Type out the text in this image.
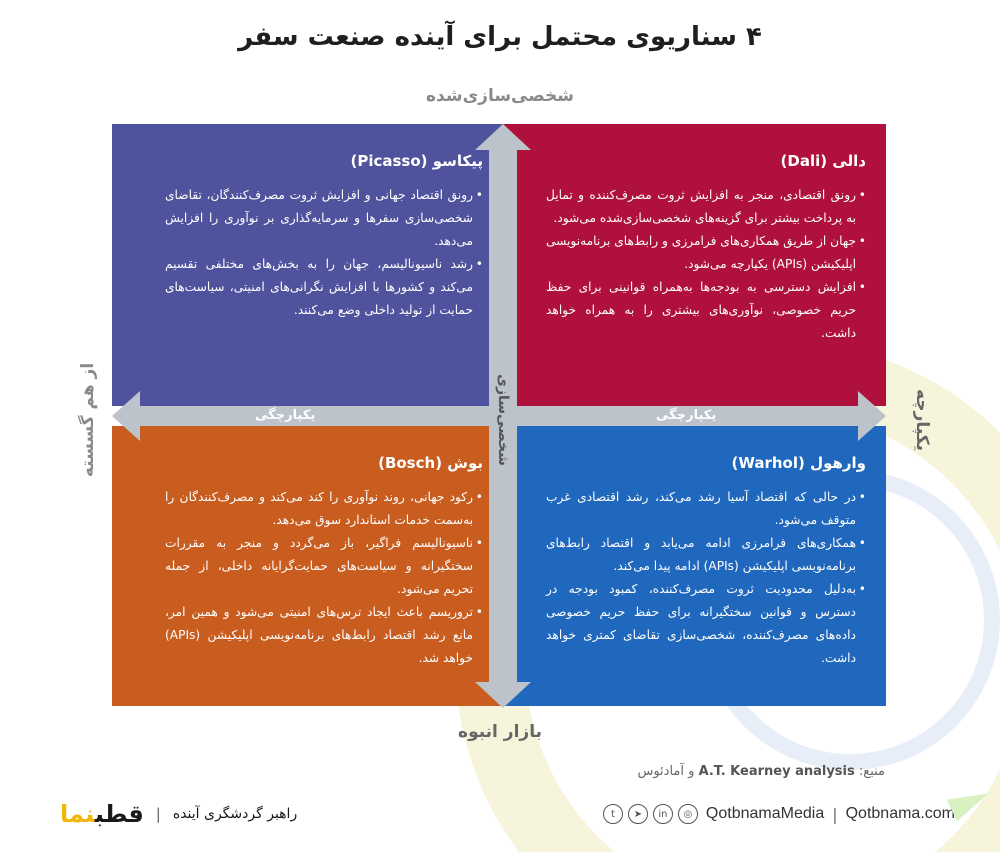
۴ سناریوی محتمل برای آینده صنعت سفر
شخصی‌سازی‌شده
بازار انبوه
از هم گسسته	یکپارچه
دالی (Dali)
• رونق اقتصادی، منجر به افزایش ثروت مصرف‌کننده و تمایل به پرداخت بیشتر برای گزینه‌های شخصی‌سازی‌شده می‌شود.
• جهان از طریق همکاری‌های فرامرزی و رابط‌های برنامه‌نویسی اپلیکیشن (APIs) یکپارچه می‌شود.
• افزایش دسترسی به بودجه‌ها به‌همراه قوانینی برای حفظ حریم خصوصی، نوآوری‌های بیشتری را به همراه خواهد داشت.
پیکاسو (Picasso)
• رونق اقتصاد جهانی و افزایش ثروت مصرف‌کنندگان، تقاضای شخصی‌سازی سفرها و سرمایه‌گذاری بر نوآوری را افزایش می‌دهد.
• رشد ناسیونالیسم، جهان را به بخش‌های مختلفی تقسیم می‌کند و کشورها با افزایش نگرانی‌های امنیتی، سیاست‌های حمایت از تولید داخلی وضع می‌کنند.
وارهول (Warhol)
• در حالی که اقتصاد آسیا رشد می‌کند، رشد اقتصادی غرب متوقف می‌شود.
• همکاری‌های فرامرزی ادامه می‌یابد و اقتصاد رابط‌های برنامه‌نویسی اپلیکیشن (APIs) ادامه پیدا می‌کند.
• به‌دلیل محدودیت ثروت مصرف‌کننده، کمبود بودجه در دسترس و قوانین سختگیرانه برای حفظ حریم خصوصی داده‌های مصرف‌کننده، شخصی‌سازی تقاضای کمتری خواهد داشت.
بوش (Bosch)
• رکود جهانی، روند نوآوری را کند می‌کند و مصرف‌کنندگان را به‌سمت خدمات استاندارد سوق می‌دهد.
• ناسیونالیسم فراگیر، باز می‌گردد و منجر به مقررات سختگیرانه و سیاست‌های حمایت‌گرایانه داخلی، از جمله تحریم می‌شود.
• تروریسم باعث ایجاد ترس‌های امنیتی می‌شود و همین امر، مانع رشد اقتصاد رابط‌های برنامه‌نویسی اپلیکیشن (APIs) خواهد شد.
یکپارچگی	یکپارچگی
شخصی‌سازی
منبع: A.T. Kearney analysis و آمادئوس
راهبر گردشگری آینده
|
قطبنما	t	➤	in	◎ QotbnamaMedia | Qotbnama.com
